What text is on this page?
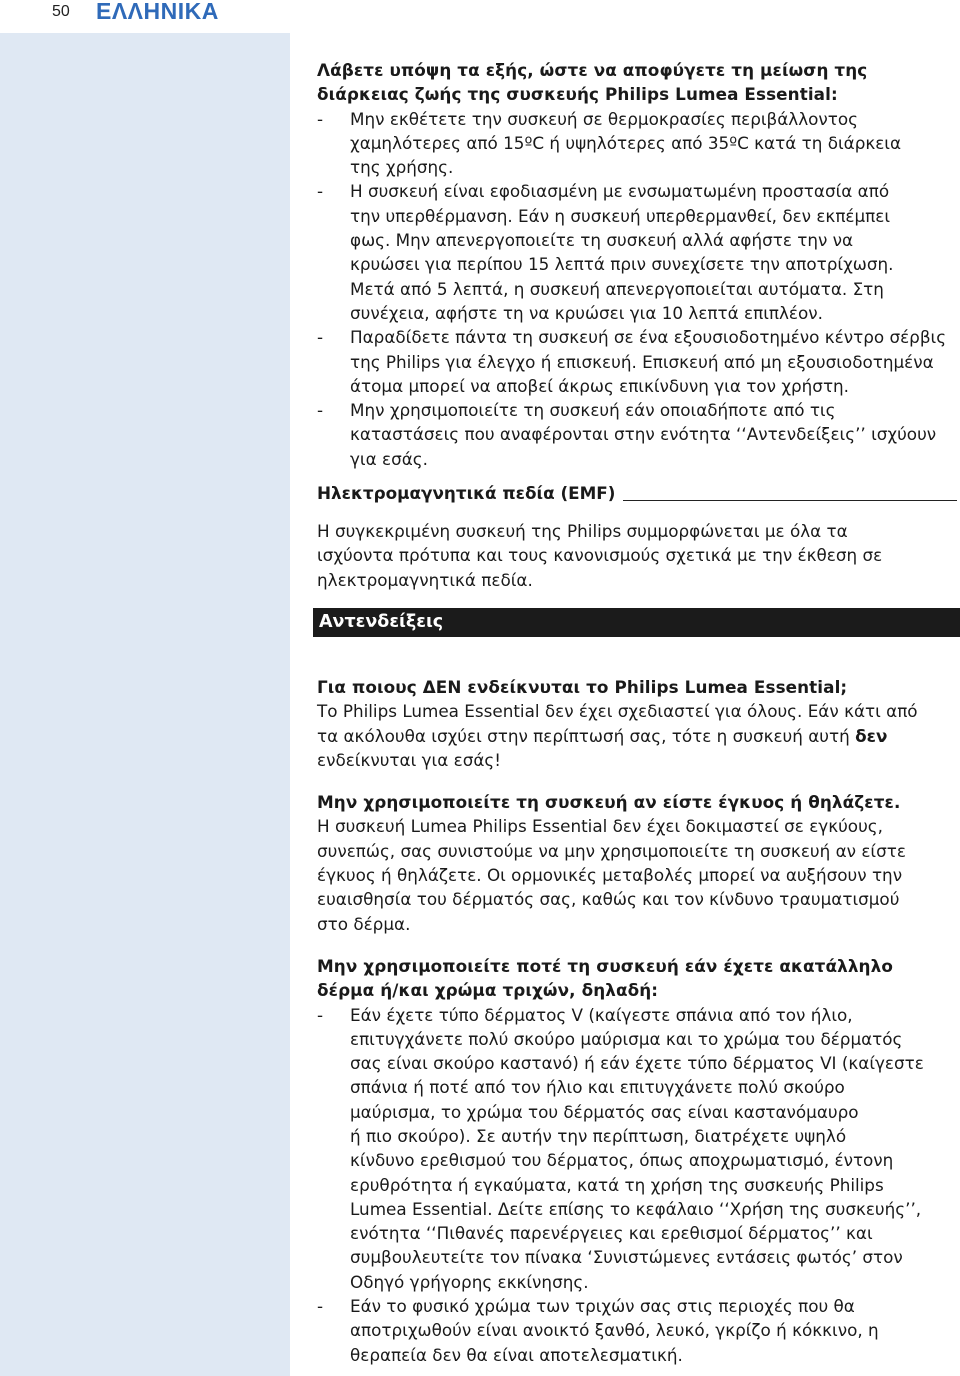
50 ΕΛΛΗΝΙΚΑ
Αντενδείξεις
Λάβετε υπόψη τα εξής, ώστε να αποφύγετε τη μείωση της
διάρκειας ζωής της συσκευής Philips Lumea Essential:
- Μην εκθέτετε την συσκευή σε θερμοκρασίες περιβάλλοντος
χαμηλότερες από 15ºC ή υψηλότερες από 35ºC κατά τη διάρκεια
της χρήσης.
- Η συσκευή είναι εφοδιασμένη με ενσωματωμένη προστασία από
την υπερθέρμανση. Εάν η συσκευή υπερθερμανθεί, δεν εκπέμπει
φως. Μην απενεργοποιείτε τη συσκευή αλλά αφήστε την να
κρυώσει για περίπου 15 λεπτά πριν συνεχίσετε την αποτρίχωση.
Μετά από 5 λεπτά, η συσκευή απενεργοποιείται αυτόματα. Στη
συνέχεια, αφήστε τη να κρυώσει για 10 λεπτά επιπλέον.
- Παραδίδετε πάντα τη συσκευή σε ένα εξουσιοδοτημένο κέντρο σέρβις
της Philips για έλεγχο ή επισκευή. Επισκευή από μη εξουσιοδοτημένα
άτομα μπορεί να αποβεί άκρως επικίνδυνη για τον χρήστη.
- Μην χρησιμοποιείτε τη συσκευή εάν οποιαδήποτε από τις
καταστάσεις που αναφέρονται στην ενότητα ‘‘Αντενδείξεις’’ ισχύουν
για εσάς.
Ηλεκτρομαγνητικά πεδία (EMF)
Η συγκεκριμένη συσκευή της Philips συμμορφώνεται με όλα τα
ισχύοντα πρότυπα και τους κανονισμούς σχετικά με την έκθεση σε
ηλεκτρομαγνητικά πεδία.
Για ποιους ΔΕΝ ενδείκνυται το Philips Lumea Essential;
Το Philips Lumea Essential δεν έχει σχεδιαστεί για όλους. Εάν κάτι από
τα ακόλουθα ισχύει στην περίπτωσή σας, τότε η συσκευή αυτή δεν
ενδείκνυται για εσάς!
Μην χρησιμοποιείτε τη συσκευή αν είστε έγκυος ή θηλάζετε.
Η συσκευή Lumea Philips Essential δεν έχει δοκιμαστεί σε εγκύους,
συνεπώς, σας συνιστούμε να μην χρησιμοποιείτε τη συσκευή αν είστε
έγκυος ή θηλάζετε. Οι ορμονικές μεταβολές μπορεί να αυξήσουν την
ευαισθησία του δέρματός σας, καθώς και τον κίνδυνο τραυματισμού
στο δέρμα.
Μην χρησιμοποιείτε ποτέ τη συσκευή εάν έχετε ακατάλληλο
δέρμα ή/και χρώμα τριχών, δηλαδή:
- Εάν έχετε τύπο δέρματος V (καίγεστε σπάνια από τον ήλιο,
επιτυγχάνετε πολύ σκούρο μαύρισμα και το χρώμα του δέρματός
σας είναι σκούρο καστανό) ή εάν έχετε τύπο δέρματος VI (καίγεστε
σπάνια ή ποτέ από τον ήλιο και επιτυγχάνετε πολύ σκούρο
μαύρισμα, το χρώμα του δέρματός σας είναι καστανόμαυρο
ή πιο σκούρο). Σε αυτήν την περίπτωση, διατρέχετε υψηλό
κίνδυνο ερεθισμού του δέρματος, όπως αποχρωματισμό, έντονη
ερυθρότητα ή εγκαύματα, κατά τη χρήση της συσκευής Philips
Lumea Essential. Δείτε επίσης το κεφάλαιο ‘‘Χρήση της συσκευής’’,
ενότητα ‘‘Πιθανές παρενέργειες και ερεθισμοί δέρματος’’ και
συμβουλευτείτε τον πίνακα ‘Συνιστώμενες εντάσεις φωτός’ στον
Οδηγό γρήγορης εκκίνησης.
- Εάν το φυσικό χρώμα των τριχών σας στις περιοχές που θα
αποτριχωθούν είναι ανοικτό ξανθό, λευκό, γκρίζο ή κόκκινο, η
θεραπεία δεν θα είναι αποτελεσματική.
